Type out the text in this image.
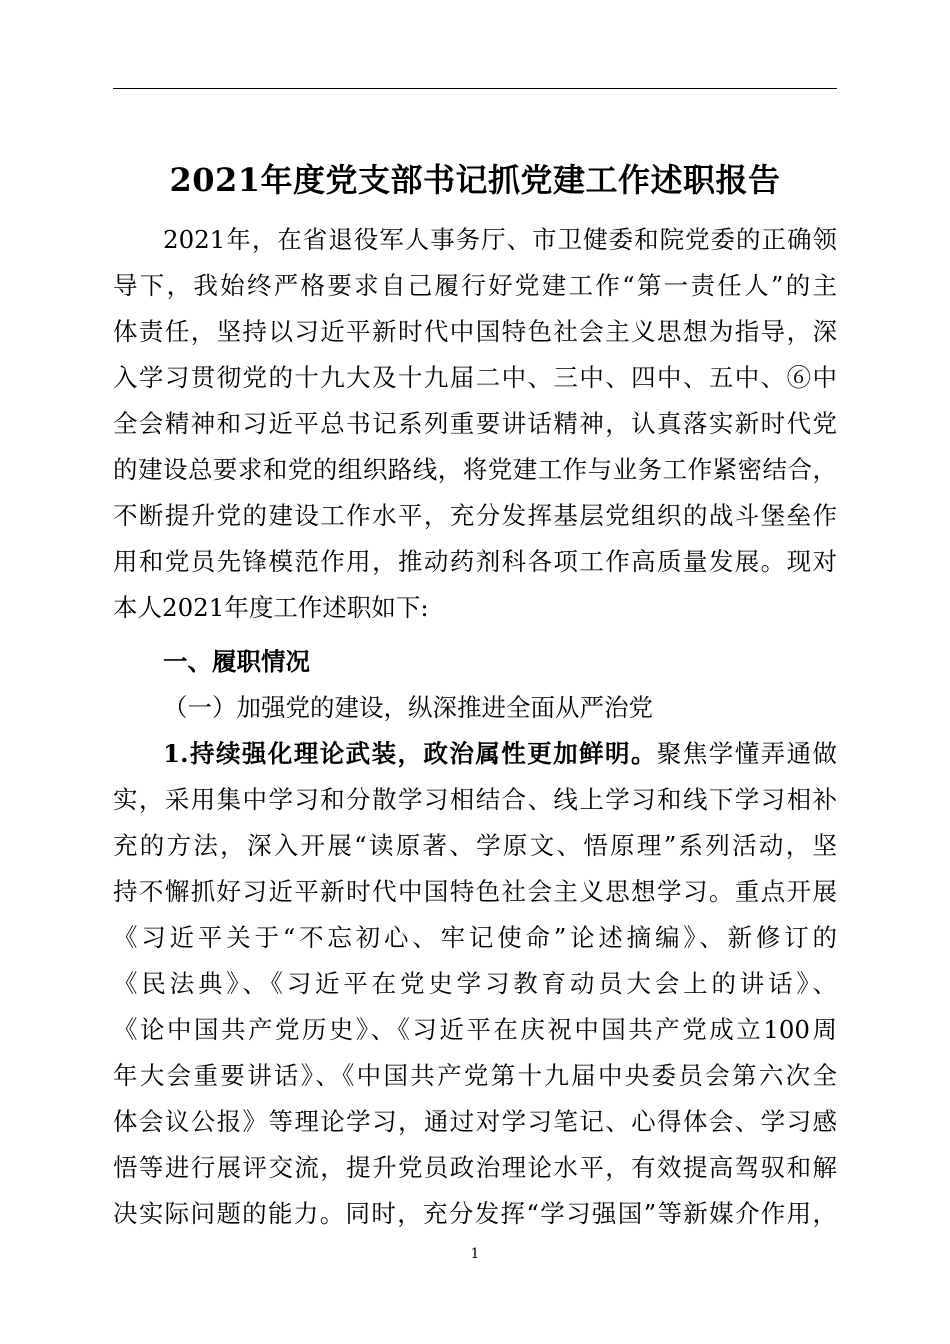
2021年度党支部书记抓党建工作述职报告
2021年，在省退役军人事务厅、市卫健委和院党委的正确领
导下，我始终严格要求自己履行好党建工作“第一责任人”的主
体责任，坚持以习近平新时代中国特色社会主义思想为指导，深
入学习贯彻党的十九大及十九届二中、三中、四中、五中、⑥中
全会精神和习近平总书记系列重要讲话精神，认真落实新时代党
的建设总要求和党的组织路线，将党建工作与业务工作紧密结合，
不断提升党的建设工作水平，充分发挥基层党组织的战斗堡垒作
用和党员先锋模范作用，推动药剂科各项工作高质量发展。现对
本人2021年度工作述职如下:
一、履职情况
（一）加强党的建设，纵深推进全面从严治党
1.持续强化理论武装，政治属性更加鲜明。聚焦学懂弄通做
实，采用集中学习和分散学习相结合、线上学习和线下学习相补
充的方法，深入开展“读原著、学原文、悟原理”系列活动，坚
持不懈抓好习近平新时代中国特色社会主义思想学习。重点开展
《习近平关于“不忘初心、牢记使命”论述摘编》、新修订的
《民法典》、《习近平在党史学习教育动员大会上的讲话》、
《论中国共产党历史》、《习近平在庆祝中国共产党成立100周
年大会重要讲话》、《中国共产党第十九届中央委员会第六次全
体会议公报》等理论学习，通过对学习笔记、心得体会、学习感
悟等进行展评交流，提升党员政治理论水平，有效提高驾驭和解
决实际问题的能力。同时，充分发挥“学习强国”等新媒介作用，
1
